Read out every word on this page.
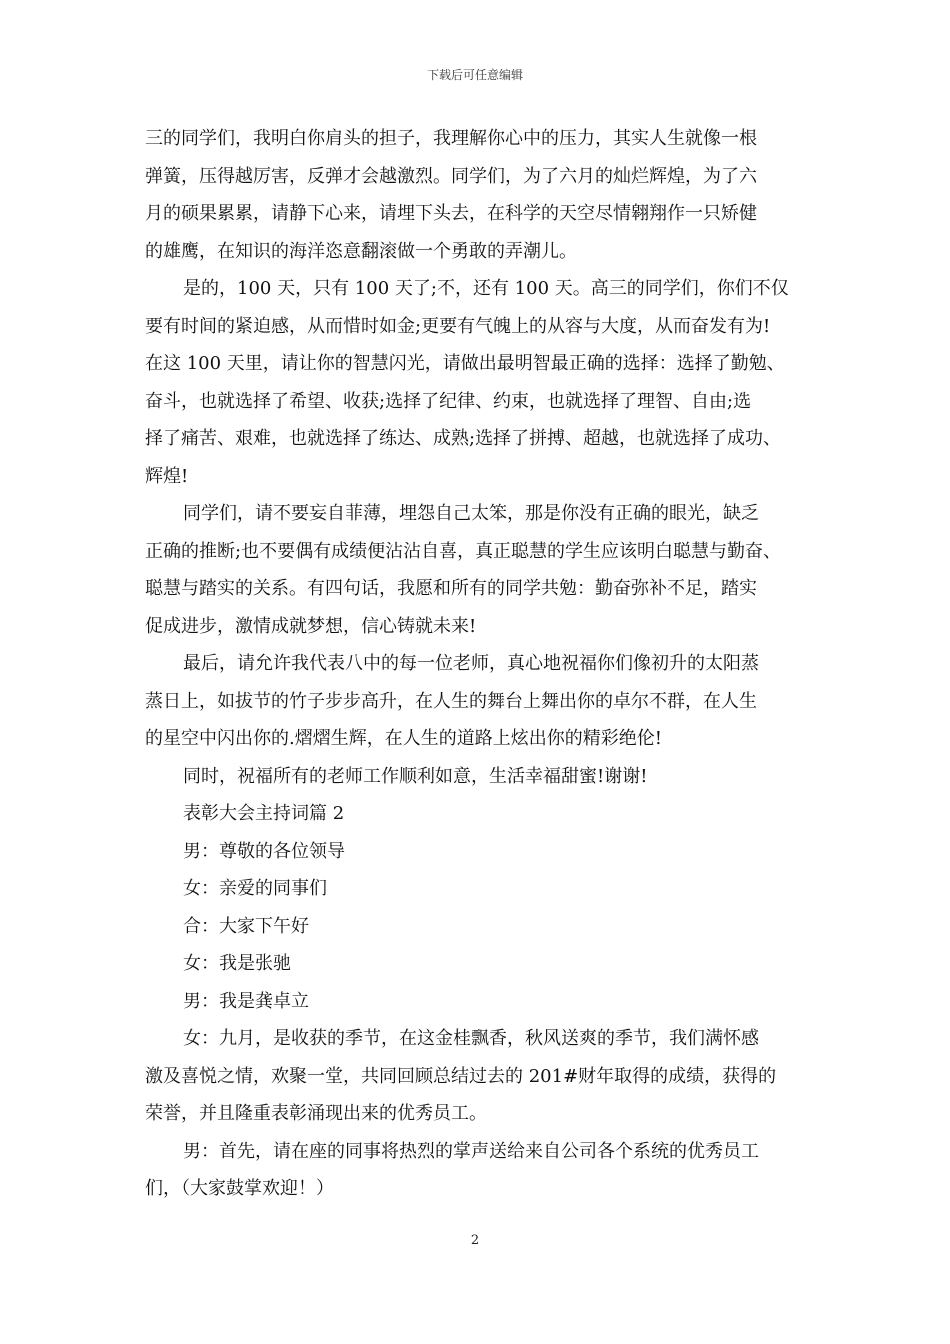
下载后可任意编辑
三的同学们，我明白你肩头的担子，我理解你心中的压力，其实人生就像一根
弹簧，压得越厉害，反弹才会越激烈。同学们，为了六月的灿烂辉煌，为了六
月的硕果累累，请静下心来，请埋下头去，在科学的天空尽情翱翔作一只矫健
的雄鹰，在知识的海洋恣意翻滚做一个勇敢的弄潮儿。
是的，100 天，只有 100 天了;不，还有 100 天。高三的同学们，你们不仅
要有时间的紧迫感，从而惜时如金;更要有气魄上的从容与大度，从而奋发有为!
在这 100 天里，请让你的智慧闪光，请做出最明智最正确的选择：选择了勤勉、
奋斗，也就选择了希望、收获;选择了纪律、约束，也就选择了理智、自由;选
择了痛苦、艰难，也就选择了练达、成熟;选择了拼搏、超越，也就选择了成功、
辉煌!
同学们，请不要妄自菲薄，埋怨自己太笨，那是你没有正确的眼光，缺乏
正确的推断;也不要偶有成绩便沾沾自喜，真正聪慧的学生应该明白聪慧与勤奋、
聪慧与踏实的关系。有四句话，我愿和所有的同学共勉：勤奋弥补不足，踏实
促成进步，激情成就梦想，信心铸就未来!
最后，请允许我代表八中的每一位老师，真心地祝福你们像初升的太阳蒸
蒸日上，如拔节的竹子步步高升，在人生的舞台上舞出你的卓尔不群，在人生
的星空中闪出你的.熠熠生辉，在人生的道路上炫出你的精彩绝伦!
同时，祝福所有的老师工作顺利如意，生活幸福甜蜜!谢谢!
表彰大会主持词篇 2
男：尊敬的各位领导
女：亲爱的同事们
合：大家下午好
女：我是张驰
男：我是龚卓立
女：九月，是收获的季节，在这金桂飘香，秋风送爽的季节，我们满怀感
激及喜悦之情，欢聚一堂，共同回顾总结过去的 201#财年取得的成绩，获得的
荣誉，并且隆重表彰涌现出来的优秀员工。
男：首先，请在座的同事将热烈的掌声送给来自公司各个系统的优秀员工
们，（大家鼓掌欢迎！）
2
